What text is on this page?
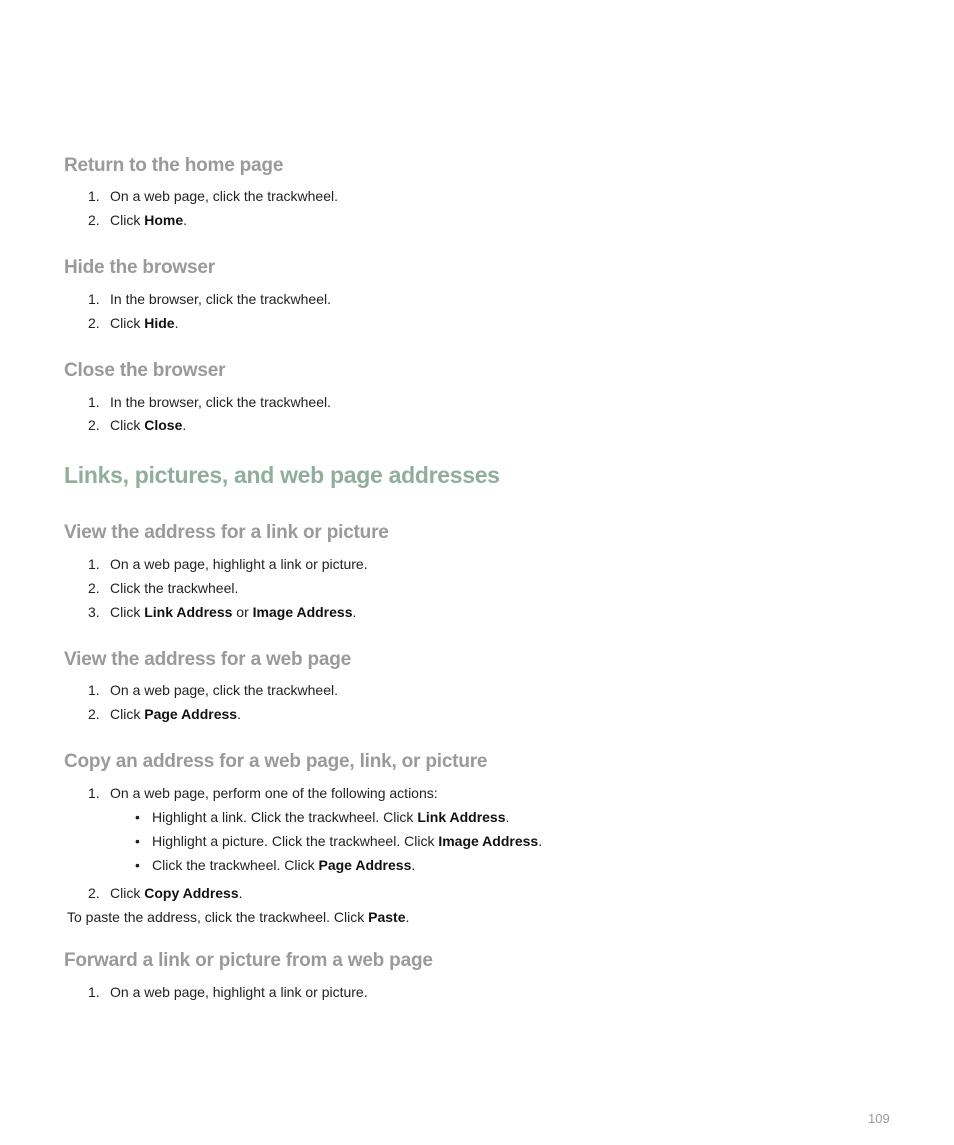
Return to the home page
1. On a web page, click the trackwheel.
2. Click Home.
Hide the browser
1. In the browser, click the trackwheel.
2. Click Hide.
Close the browser
1. In the browser, click the trackwheel.
2. Click Close.
Links, pictures, and web page addresses
View the address for a link or picture
1. On a web page, highlight a link or picture.
2. Click the trackwheel.
3. Click Link Address or Image Address.
View the address for a web page
1. On a web page, click the trackwheel.
2. Click Page Address.
Copy an address for a web page, link, or picture
1. On a web page, perform one of the following actions:
• Highlight a link. Click the trackwheel. Click Link Address.
• Highlight a picture. Click the trackwheel. Click Image Address.
• Click the trackwheel. Click Page Address.
2. Click Copy Address.
To paste the address, click the trackwheel. Click Paste.
Forward a link or picture from a web page
1. On a web page, highlight a link or picture.
109
